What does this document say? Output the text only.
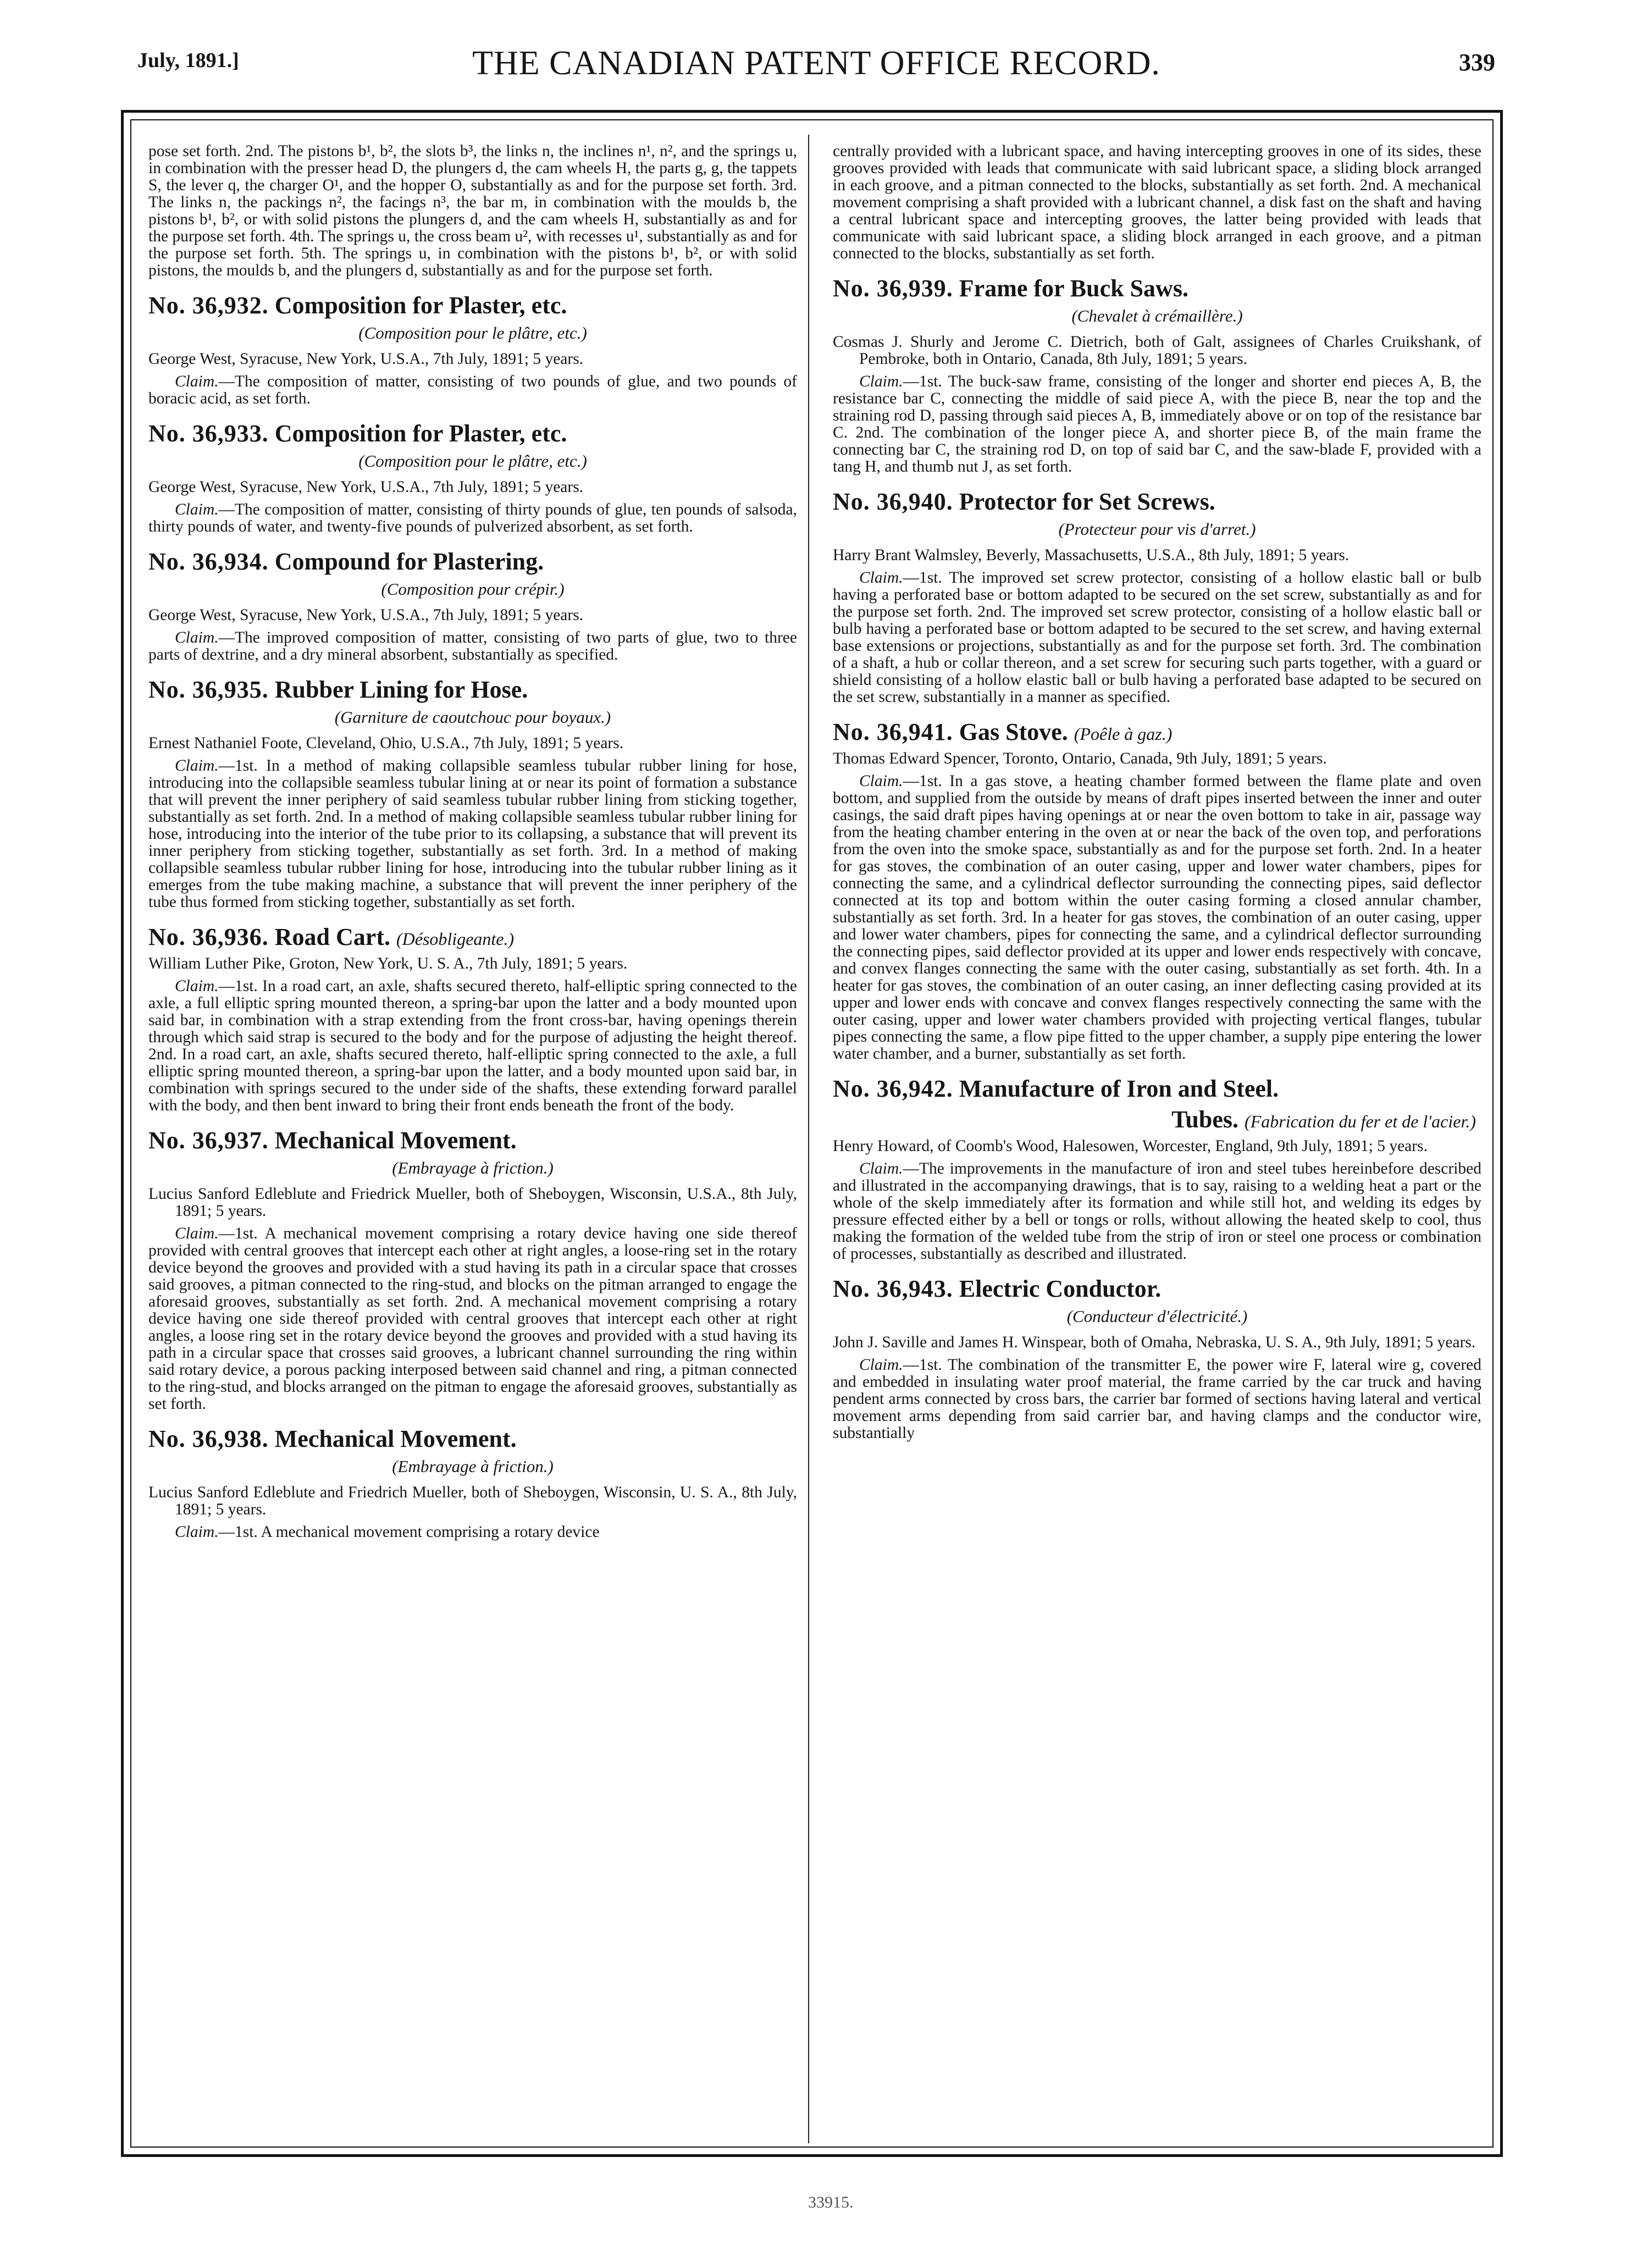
July, 1891.]	THE CANADIAN PATENT OFFICE RECORD.	339

pose set forth. 2nd. The pistons b¹, b², the slots b³, the links n, the inclines n¹, n², and the springs u, in combination with the presser head D, the plungers d, the cam wheels H, the parts g, g, the tappets S, the lever q, the charger O¹, and the hopper O, substantially as and for the purpose set forth. 3rd. The links n, the packings n², the facings n³, the bar m, in combination with the moulds b, the pistons b¹, b², or with solid pistons the plungers d, and the cam wheels H, substantially as and for the purpose set forth. 4th. The springs u, the cross beam u², with recesses u¹, substantially as and for the purpose set forth. 5th. The springs u, in combination with the pistons b¹, b², or with solid pistons, the moulds b, and the plungers d, substantially as and for the purpose set forth.

No. 36,932. Composition for Plaster, etc.
(Composition pour le plâtre, etc.)

George West, Syracuse, New York, U.S.A., 7th July, 1891; 5 years.

Claim.—The composition of matter, consisting of two pounds of glue, and two pounds of boracic acid, as set forth.

No. 36,933. Composition for Plaster, etc.
(Composition pour le plâtre, etc.)

George West, Syracuse, New York, U.S.A., 7th July, 1891; 5 years.

Claim.—The composition of matter, consisting of thirty pounds of glue, ten pounds of salsoda, thirty pounds of water, and twenty-five pounds of pulverized absorbent, as set forth.

No. 36,934. Compound for Plastering.
(Composition pour crépir.)

George West, Syracuse, New York, U.S.A., 7th July, 1891; 5 years.

Claim.—The improved composition of matter, consisting of two parts of glue, two to three parts of dextrine, and a dry mineral absorbent, substantially as specified.

No. 36,935. Rubber Lining for Hose.
(Garniture de caoutchouc pour boyaux.)

Ernest Nathaniel Foote, Cleveland, Ohio, U.S.A., 7th July, 1891; 5 years.

Claim.—1st. In a method of making collapsible seamless tubular rubber lining for hose, introducing into the collapsible seamless tubular lining at or near its point of formation a substance that will prevent the inner periphery of said seamless tubular rubber lining from sticking together, substantially as set forth. 2nd. In a method of making collapsible seamless tubular rubber lining for hose, introducing into the interior of the tube prior to its collapsing, a substance that will prevent its inner periphery from sticking together, substantially as set forth. 3rd. In a method of making collapsible seamless tubular rubber lining for hose, introducing into the tubular rubber lining as it emerges from the tube making machine, a substance that will prevent the inner periphery of the tube thus formed from sticking together, substantially as set forth.

No. 36,936. Road Cart. (Désobligeante.)

William Luther Pike, Groton, New York, U. S. A., 7th July, 1891; 5 years.

Claim.—1st. In a road cart, an axle, shafts secured thereto, half-elliptic spring connected to the axle, a full elliptic spring mounted thereon, a spring-bar upon the latter and a body mounted upon said bar, in combination with a strap extending from the front cross-bar, having openings therein through which said strap is secured to the body and for the purpose of adjusting the height thereof. 2nd. In a road cart, an axle, shafts secured thereto, half-elliptic spring connected to the axle, a full elliptic spring mounted thereon, a spring-bar upon the latter, and a body mounted upon said bar, in combination with springs secured to the under side of the shafts, these extending forward parallel with the body, and then bent inward to bring their front ends beneath the front of the body.

No. 36,937. Mechanical Movement.
(Embrayage à friction.)

Lucius Sanford Edleblute and Friedrick Mueller, both of Sheboygen, Wisconsin, U.S.A., 8th July, 1891; 5 years.

Claim.—1st. A mechanical movement comprising a rotary device having one side thereof provided with central grooves that intercept each other at right angles, a loose-ring set in the rotary device beyond the grooves and provided with a stud having its path in a circular space that crosses said grooves, a pitman connected to the ring-stud, and blocks on the pitman arranged to engage the aforesaid grooves, substantially as set forth. 2nd. A mechanical movement comprising a rotary device having one side thereof provided with central grooves that intercept each other at right angles, a loose ring set in the rotary device beyond the grooves and provided with a stud having its path in a circular space that crosses said grooves, a lubricant channel surrounding the ring within said rotary device, a porous packing interposed between said channel and ring, a pitman connected to the ring-stud, and blocks arranged on the pitman to engage the aforesaid grooves, substantially as set forth.

No. 36,938. Mechanical Movement.
(Embrayage à friction.)

Lucius Sanford Edleblute and Friedrich Mueller, both of Sheboygen, Wisconsin, U. S. A., 8th July, 1891; 5 years.

Claim.—1st. A mechanical movement comprising a rotary device

centrally provided with a lubricant space, and having intercepting grooves in one of its sides, these grooves provided with leads that communicate with said lubricant space, a sliding block arranged in each groove, and a pitman connected to the blocks, substantially as set forth. 2nd. A mechanical movement comprising a shaft provided with a lubricant channel, a disk fast on the shaft and having a central lubricant space and intercepting grooves, the latter being provided with leads that communicate with said lubricant space, a sliding block arranged in each groove, and a pitman connected to the blocks, substantially as set forth.

No. 36,939. Frame for Buck Saws.
(Chevalet à crémaillère.)

Cosmas J. Shurly and Jerome C. Dietrich, both of Galt, assignees of Charles Cruikshank, of Pembroke, both in Ontario, Canada, 8th July, 1891; 5 years.

Claim.—1st. The buck-saw frame, consisting of the longer and shorter end pieces A, B, the resistance bar C, connecting the middle of said piece A, with the piece B, near the top and the straining rod D, passing through said pieces A, B, immediately above or on top of the resistance bar C. 2nd. The combination of the longer piece A, and shorter piece B, of the main frame the connecting bar C, the straining rod D, on top of said bar C, and the saw-blade F, provided with a tang H, and thumb nut J, as set forth.

No. 36,940. Protector for Set Screws.
(Protecteur pour vis d'arret.)

Harry Brant Walmsley, Beverly, Massachusetts, U.S.A., 8th July, 1891; 5 years.

Claim.—1st. The improved set screw protector, consisting of a hollow elastic ball or bulb having a perforated base or bottom adapted to be secured on the set screw, substantially as and for the purpose set forth. 2nd. The improved set screw protector, consisting of a hollow elastic ball or bulb having a perforated base or bottom adapted to be secured to the set screw, and having external base extensions or projections, substantially as and for the purpose set forth. 3rd. The combination of a shaft, a hub or collar thereon, and a set screw for securing such parts together, with a guard or shield consisting of a hollow elastic ball or bulb having a perforated base adapted to be secured on the set screw, substantially in a manner as specified.

No. 36,941. Gas Stove. (Poêle à gaz.)

Thomas Edward Spencer, Toronto, Ontario, Canada, 9th July, 1891; 5 years.

Claim.—1st. In a gas stove, a heating chamber formed between the flame plate and oven bottom, and supplied from the outside by means of draft pipes inserted between the inner and outer casings, the said draft pipes having openings at or near the oven bottom to take in air, passage way from the heating chamber entering in the oven at or near the back of the oven top, and perforations from the oven into the smoke space, substantially as and for the purpose set forth. 2nd. In a heater for gas stoves, the combination of an outer casing, upper and lower water chambers, pipes for connecting the same, and a cylindrical deflector surrounding the connecting pipes, said deflector connected at its top and bottom within the outer casing forming a closed annular chamber, substantially as set forth. 3rd. In a heater for gas stoves, the combination of an outer casing, upper and lower water chambers, pipes for connecting the same, and a cylindrical deflector surrounding the connecting pipes, said deflector provided at its upper and lower ends respectively with concave, and convex flanges connecting the same with the outer casing, substantially as set forth. 4th. In a heater for gas stoves, the combination of an outer casing, an inner deflecting casing provided at its upper and lower ends with concave and convex flanges respectively connecting the same with the outer casing, upper and lower water chambers provided with projecting vertical flanges, tubular pipes connecting the same, a flow pipe fitted to the upper chamber, a supply pipe entering the lower water chamber, and a burner, substantially as set forth.

No. 36,942. Manufacture of Iron and Steel.
Tubes. (Fabrication du fer et de l'acier.)

Henry Howard, of Coomb's Wood, Halesowen, Worcester, England, 9th July, 1891; 5 years.

Claim.—The improvements in the manufacture of iron and steel tubes hereinbefore described and illustrated in the accompanying drawings, that is to say, raising to a welding heat a part or the whole of the skelp immediately after its formation and while still hot, and welding its edges by pressure effected either by a bell or tongs or rolls, without allowing the heated skelp to cool, thus making the formation of the welded tube from the strip of iron or steel one process or combination of processes, substantially as described and illustrated.

No. 36,943. Electric Conductor.
(Conducteur d'électricité.)

John J. Saville and James H. Winspear, both of Omaha, Nebraska, U. S. A., 9th July, 1891; 5 years.

Claim.—1st. The combination of the transmitter E, the power wire F, lateral wire g, covered and embedded in insulating water proof material, the frame carried by the car truck and having pendent arms connected by cross bars, the carrier bar formed of sections having lateral and vertical movement arms depending from said carrier bar, and having clamps and the conductor wire, substantially

33915.
